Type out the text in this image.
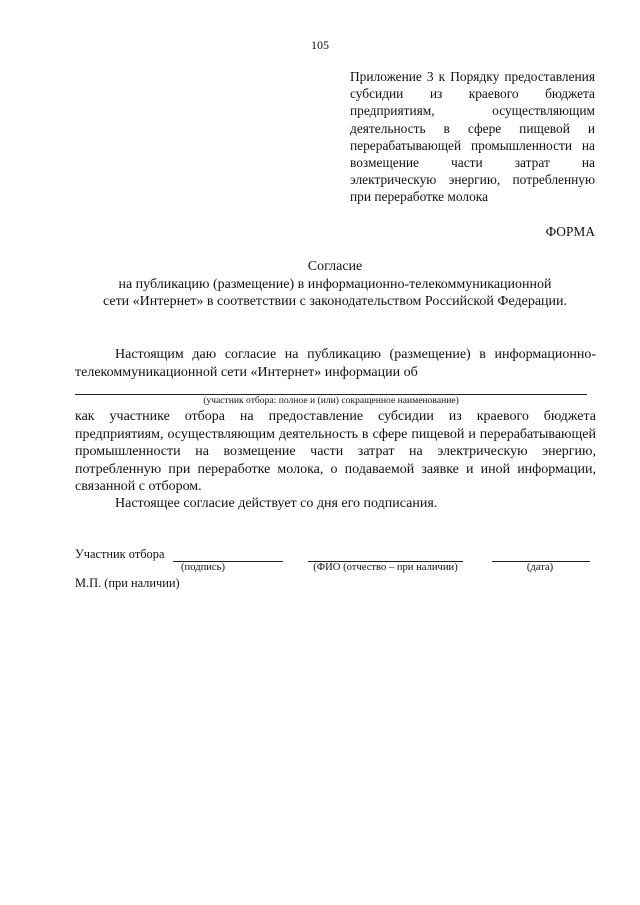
105
Приложение 3 к Порядку предоставления субсидии из краевого бюджета предприятиям, осуществляющим деятельность в сфере пищевой и перерабатывающей промышленности на возмещение части затрат на электрическую энергию, потребленную при переработке молока
ФОРМА
Согласие
на публикацию (размещение) в информационно-телекоммуникационной
сети «Интернет» в соответствии с законодательством Российской Федерации.
Настоящим даю согласие на публикацию (размещение) в информационно-телекоммуникационной сети «Интернет» информации об
(участник отбора: полное и (или) сокращенное наименование)
как участнике отбора на предоставление субсидии из краевого бюджета предприятиям, осуществляющим деятельность в сфере пищевой и перерабатывающей промышленности на возмещение части затрат на электрическую энергию, потребленную при переработке молока, о подаваемой заявке и иной информации, связанной с отбором.
Настоящее согласие действует со дня его подписания.
Участник отбора
(подпись)	(ФИО (отчество – при наличии)	(дата)
М.П. (при наличии)
